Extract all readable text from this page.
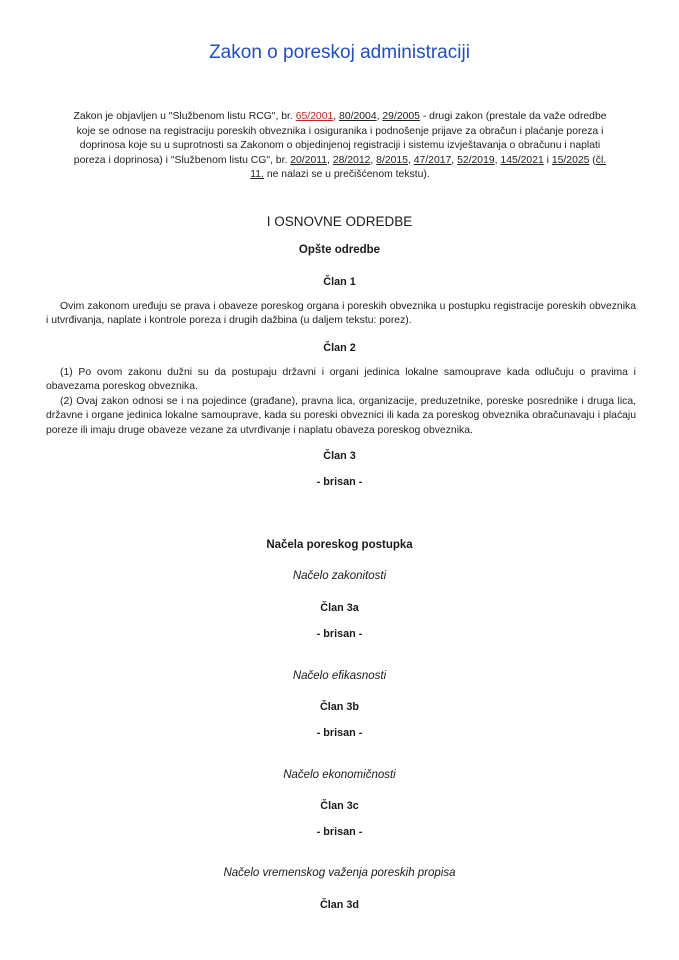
Zakon o poreskoj administraciji
Zakon je objavljen u "Službenom listu RCG", br. 65/2001, 80/2004, 29/2005 - drugi zakon (prestale da važe odredbe koje se odnose na registraciju poreskih obveznika i osiguranika i podnošenje prijave za obračun i plaćanje poreza i doprinosa koje su u suprotnosti sa Zakonom o objedinjenoj registraciji i sistemu izvještavanja o obračunu i naplati poreza i doprinosa) i "Službenom listu CG", br. 20/2011, 28/2012, 8/2015, 47/2017, 52/2019, 145/2021 i 15/2025 (čl. 11. ne nalazi se u prečišćenom tekstu).
I OSNOVNE ODREDBE
Opšte odredbe
Član 1

Ovim zakonom uređuju se prava i obaveze poreskog organa i poreskih obveznika u postupku registracije poreskih obveznika i utvrđivanja, naplate i kontrole poreza i drugih dažbina (u daljem tekstu: porez).

Član 2

(1) Po ovom zakonu dužni su da postupaju državni i organi jedinica lokalne samouprave kada odlučuju o pravima i obavezama poreskog obveznika.

(2) Ovaj zakon odnosi se i na pojedince (građane), pravna lica, organizacije, preduzetnike, poreske posrednike i druga lica, državne i organe jedinica lokalne samouprave, kada su poreski obveznici ili kada za poreskog obveznika obračunavaju i plaćaju poreze ili imaju druge obaveze vezane za utvrđivanje i naplatu obaveza poreskog obveznika.

Član 3
- brisan -
Načela poreskog postupka
Načelo zakonitosti
Član 3a
- brisan -
Načelo efikasnosti
Član 3b
- brisan -
Načelo ekonomičnosti
Član 3c
- brisan -
Načelo vremenskog važenja poreskih propisa
Član 3d
